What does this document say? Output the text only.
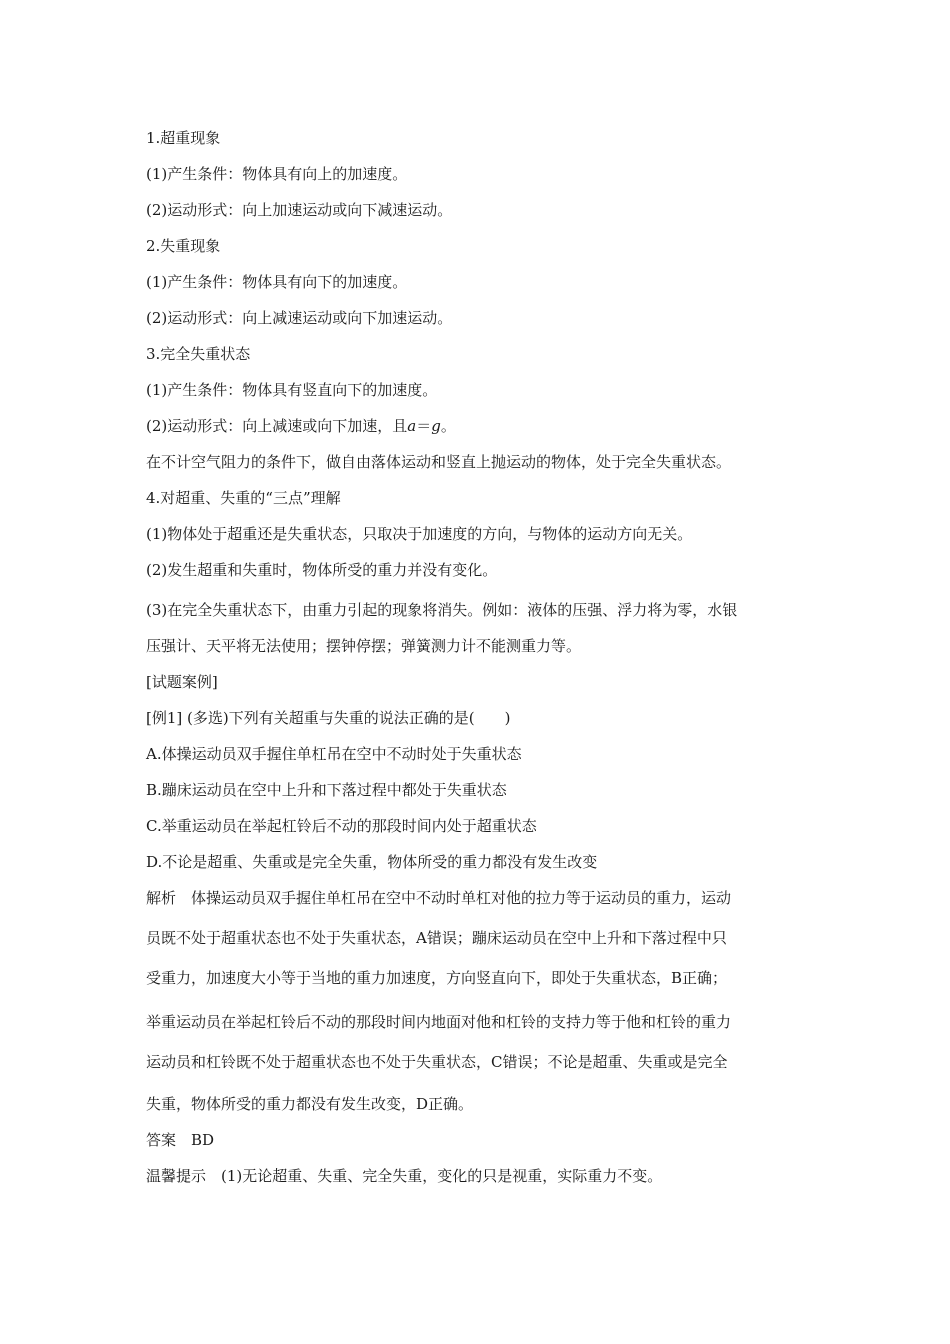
1.超重现象
(1)产生条件：物体具有向上的加速度。
(2)运动形式：向上加速运动或向下减速运动。
2.失重现象
(1)产生条件：物体具有向下的加速度。
(2)运动形式：向上减速运动或向下加速运动。
3.完全失重状态
(1)产生条件：物体具有竖直向下的加速度。
(2)运动形式：向上减速或向下加速，且a＝g。
在不计空气阻力的条件下，做自由落体运动和竖直上抛运动的物体，处于完全失重状态。
4.对超重、失重的“三点”理解
(1)物体处于超重还是失重状态，只取决于加速度的方向，与物体的运动方向无关。
(2)发生超重和失重时，物体所受的重力并没有变化。
(3)在完全失重状态下，由重力引起的现象将消失。例如：液体的压强、浮力将为零，水银
压强计、天平将无法使用；摆钟停摆；弹簧测力计不能测重力等。
[试题案例]
[例1] (多选)下列有关超重与失重的说法正确的是(　　)
A.体操运动员双手握住单杠吊在空中不动时处于失重状态
B.蹦床运动员在空中上升和下落过程中都处于失重状态
C.举重运动员在举起杠铃后不动的那段时间内处于超重状态
D.不论是超重、失重或是完全失重，物体所受的重力都没有发生改变
解析　体操运动员双手握住单杠吊在空中不动时单杠对他的拉力等于运动员的重力，运动
员既不处于超重状态也不处于失重状态，A错误；蹦床运动员在空中上升和下落过程中只
受重力，加速度大小等于当地的重力加速度，方向竖直向下，即处于失重状态，B正确；
举重运动员在举起杠铃后不动的那段时间内地面对他和杠铃的支持力等于他和杠铃的重力
运动员和杠铃既不处于超重状态也不处于失重状态，C错误；不论是超重、失重或是完全
失重，物体所受的重力都没有发生改变，D正确。
答案　BD
温馨提示　(1)无论超重、失重、完全失重，变化的只是视重，实际重力不变。
